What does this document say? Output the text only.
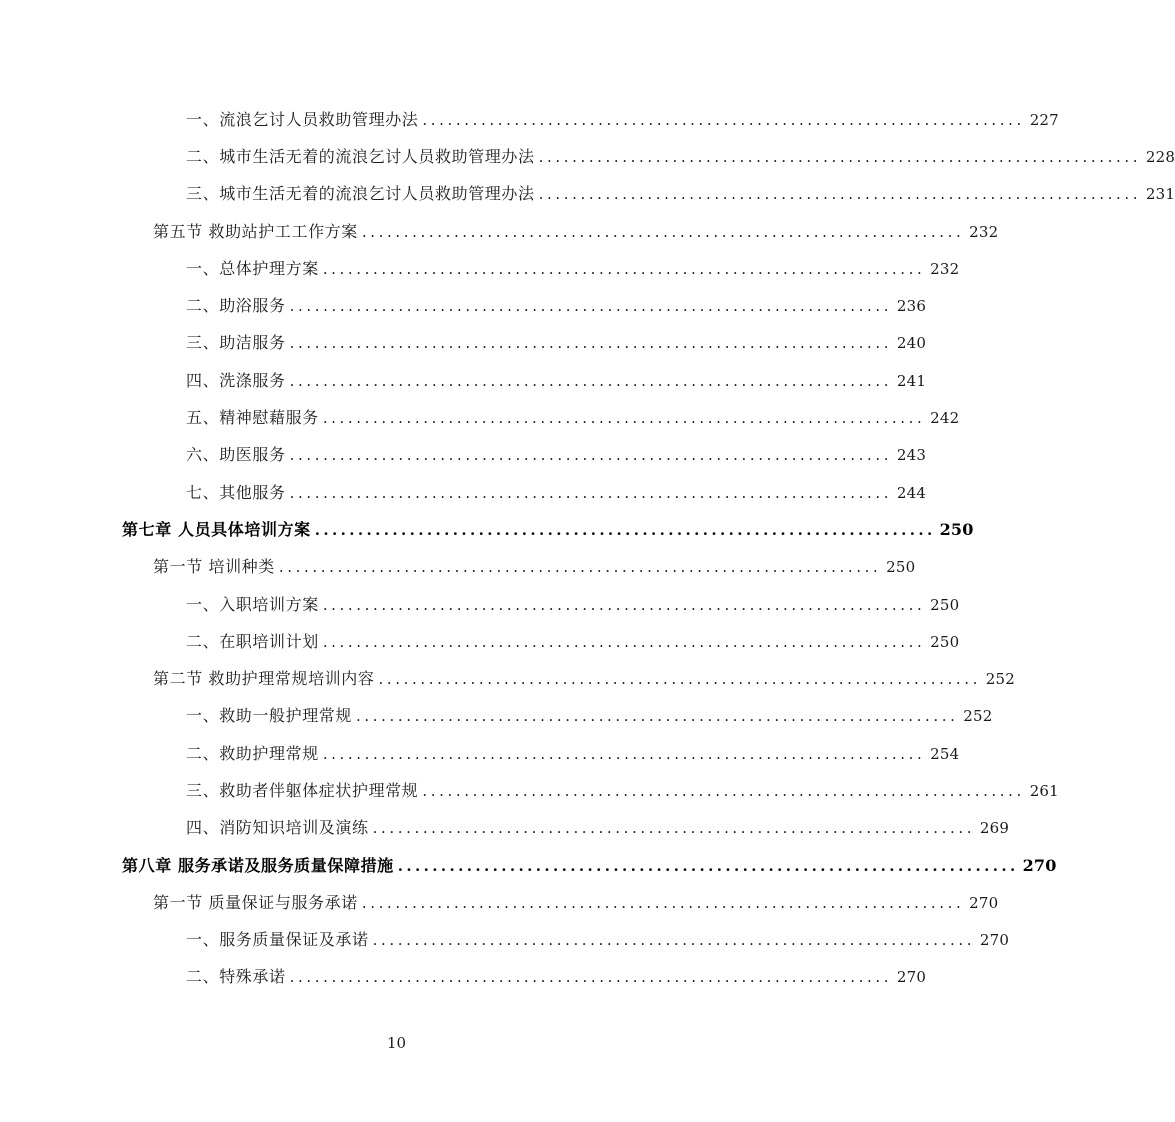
一、流浪乞讨人员救助管理办法 ........................................................................ 227
二、城市生活无着的流浪乞讨人员救助管理办法 ........................................................................ 228
三、城市生活无着的流浪乞讨人员救助管理办法 ........................................................................ 231
第五节 救助站护工工作方案 ........................................................................ 232
一、总体护理方案 ........................................................................ 232
二、助浴服务 ........................................................................ 236
三、助洁服务 ........................................................................ 240
四、洗涤服务 ........................................................................ 241
五、精神慰藉服务 ........................................................................ 242
六、助医服务 ........................................................................ 243
七、其他服务 ........................................................................ 244
第七章 人员具体培训方案 ........................................................................ 250
第一节 培训种类 ........................................................................ 250
一、入职培训方案 ........................................................................ 250
二、在职培训计划 ........................................................................ 250
第二节 救助护理常规培训内容 ........................................................................ 252
一、救助一般护理常规 ........................................................................ 252
二、救助护理常规 ........................................................................ 254
三、救助者伴躯体症状护理常规 ........................................................................ 261
四、消防知识培训及演练 ........................................................................ 269
第八章 服务承诺及服务质量保障措施 ........................................................................ 270
第一节 质量保证与服务承诺 ........................................................................ 270
一、服务质量保证及承诺 ........................................................................ 270
二、特殊承诺 ........................................................................ 270
10
